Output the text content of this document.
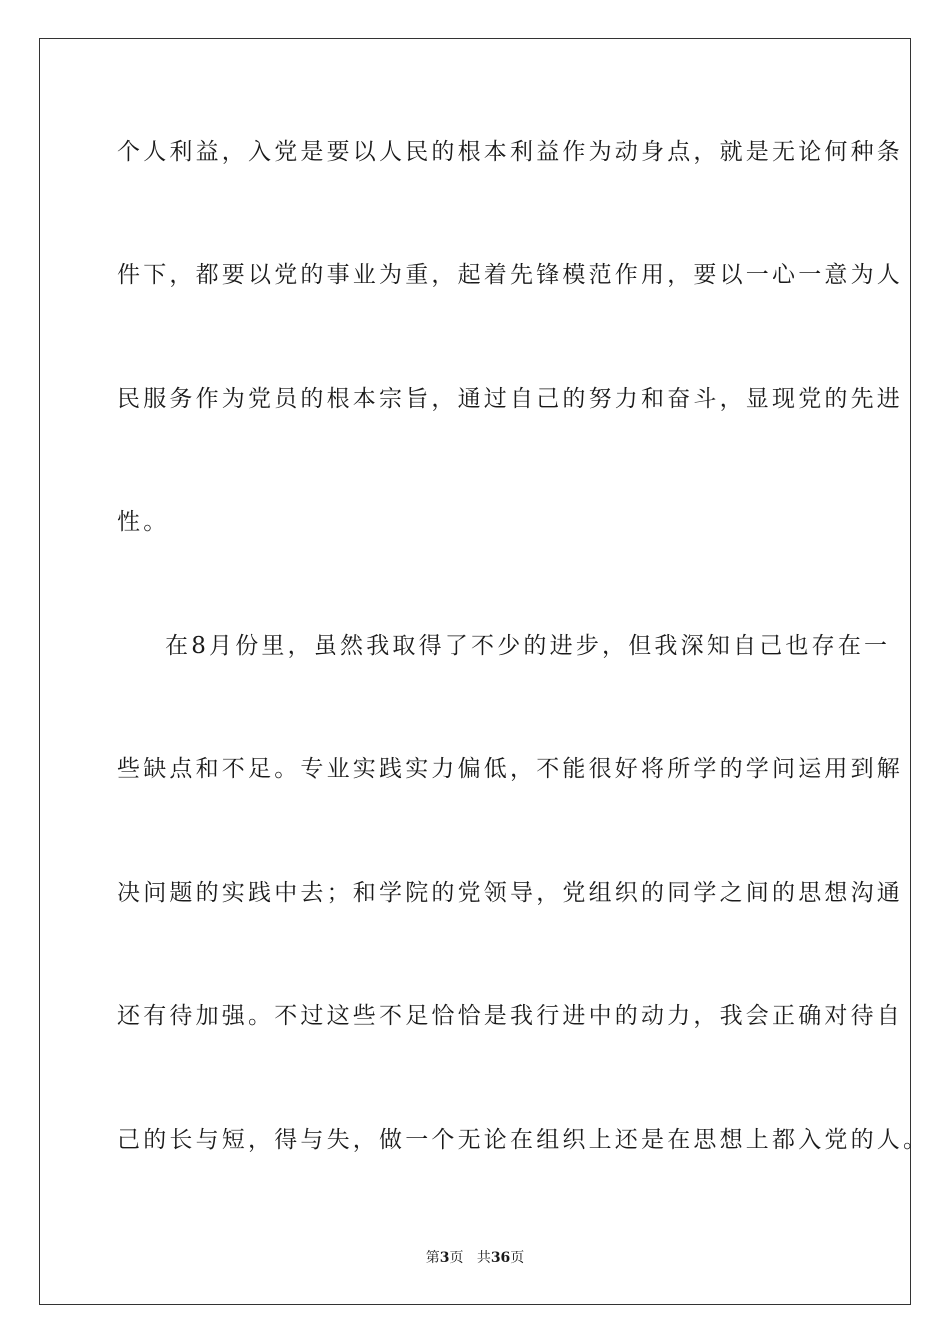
个人利益，入党是要以人民的根本利益作为动身点，就是无论何种条
件下，都要以党的事业为重，起着先锋模范作用，要以一心一意为人
民服务作为党员的根本宗旨，通过自己的努力和奋斗，显现党的先进
性。
在8月份里，虽然我取得了不少的进步，但我深知自己也存在一
些缺点和不足。专业实践实力偏低，不能很好将所学的学问运用到解
决问题的实践中去；和学院的党领导，党组织的同学之间的思想沟通
还有待加强。不过这些不足恰恰是我行进中的动力，我会正确对待自
己的长与短，得与失，做一个无论在组织上还是在思想上都入党的人。
第3页 共36页
